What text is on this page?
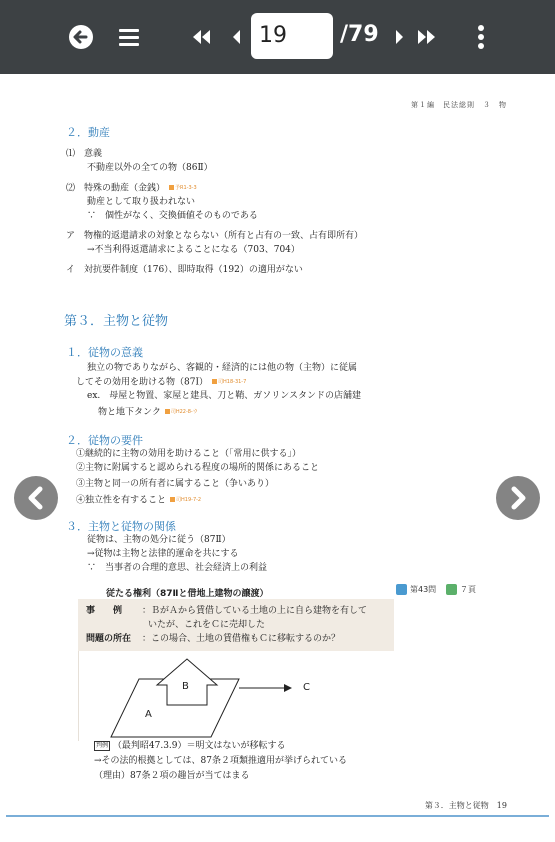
19	/79
第１編　民法総則　３　物
２．動産
⑴　意義
不動産以外の全ての物（86Ⅱ）
⑵　特殊の動産（金銭） 予R1-3-3
動産として取り扱われない
∵　個性がなく、交換価値そのものである
ア　物権的返還請求の対象とならない（所有と占有の一致、占有即所有）
→不当利得返還請求によることになる（703、704）
イ　対抗要件制度（176）、即時取得（192）の適用がない
第３．主物と従物
１．従物の意義
独立の物でありながら、客観的・経済的には他の物（主物）に従属
してその効用を助ける物（87Ⅰ） 司H18-31-7
ex.　母屋と物置、家屋と建具、刀と鞘、ガソリンスタンドの店舗建
物と地下タンク 司H22-8-ウ
２．従物の要件
①継続的に主物の効用を助けること（「常用に供する」）
②主物に附属すると認められる程度の場所的関係にあること
③主物と同一の所有者に属すること（争いあり）
④独立性を有すること 司H19-7-2
３．主物と従物の関係
従物は、主物の処分に従う（87Ⅱ）
→従物は主物と法律的運命を共にする
∵　当事者の合理的意思、社会経済上の利益
従たる権利（87Ⅱと借地上建物の譲渡）	第43問	７頁
事　　例 ：ＢがＡから賃借している土地の上に自ら建物を有して
いたが、これをＣに売却した
問題の所在 ：この場合、土地の賃借権もＣに移転するのか？
A
B	C
判例 （最判昭47.3.9）＝明文はないが移転する
→その法的根拠としては、87条２項類推適用が挙げられている
（理由）87条２項の趣旨が当てはまる
第３．主物と従物　19
